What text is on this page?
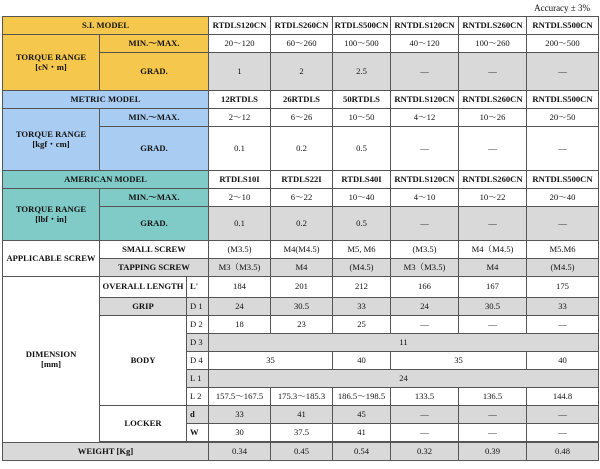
Accuracy ± 3%
S.I. MODEL			RTDLS120CN	RTDLS260CN	RTDLS500CN	RNTDLS120CN	RNTDLS260CN	RNTDLS500CN
TORQUE RANGE
[cN・m]	MIN.～MAX.		20～120	60～260	100～500	40～120	100～260	200～500
	GRAD.		1	2	2.5	—	—	—
METRIC MODEL			12RTDLS	26RTDLS	50RTDLS	RNTDLS120CN	RNTDLS260CN	RNTDLS500CN
TORQUE RANGE
[kgf・cm]	MIN.～MAX.		2～12	6～26	10～50	4～12	10～26	20～50
	GRAD.		0.1	0.2	0.5	—	—	—
AMERICAN MODEL			RTDLS10I	RTDLS22I	RTDLS40I	RNTDLS120CN	RNTDLS260CN	RNTDLS500CN
TORQUE RANGE
[lbf・in]	MIN.～MAX.		2～10	6～22	10～40	4～10	10～22	20～40
	GRAD.		0.1	0.2	0.5	—	—	—
APPLICABLE SCREW	SMALL SCREW		(M3.5)	M4(M4.5)	M5, M6	(M3.5)	M4（M4.5)	M5.M6
	TAPPING SCREW		M3（M3.5)	M4	(M4.5)	M3（M3.5)	M4	(M4.5)
DIMENSION
[mm]	OVERALL LENGTH	L'	184	201	212	166	167	175
	GRIP	D 1	24	30.5	33	24	30.5	33
	BODY	D 2	18	23	25	—	—	—
		D 3	11					
		D 4	35		40	35		40
		L 1	24					
		L 2	157.5～167.5	175.3～185.3	186.5～198.5	133.5	136.5	144.8
	LOCKER	d	33	41	45	—	—	—
		W	30	37.5	41	—	—	—

WEIGHT [Kg]			0.34	0.45	0.54	0.32	0.39	0.48
